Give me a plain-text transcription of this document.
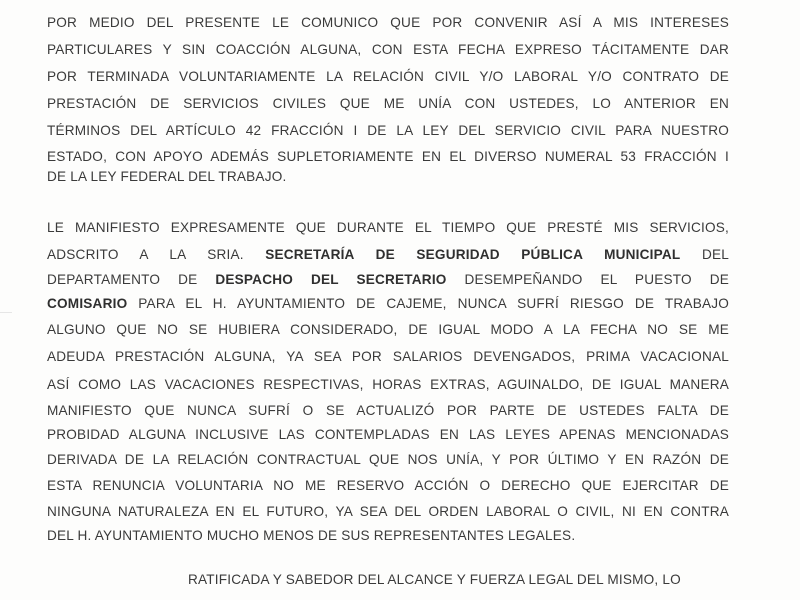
POR MEDIO DEL PRESENTE LE COMUNICO QUE POR CONVENIR ASÍ A MIS INTERESES
PARTICULARES Y SIN COACCIÓN ALGUNA, CON ESTA FECHA EXPRESO TÁCITAMENTE DAR
POR TERMINADA VOLUNTARIAMENTE LA RELACIÓN CIVIL Y/O LABORAL Y/O CONTRATO DE
PRESTACIÓN DE SERVICIOS CIVILES QUE ME UNÍA CON USTEDES, LO ANTERIOR EN
TÉRMINOS DEL ARTÍCULO 42 FRACCIÓN I DE LA LEY DEL SERVICIO CIVIL PARA NUESTRO
ESTADO, CON APOYO ADEMÁS SUPLETORIAMENTE EN EL DIVERSO NUMERAL 53 FRACCIÓN I
DE LA LEY FEDERAL DEL TRABAJO.
LE MANIFIESTO EXPRESAMENTE QUE DURANTE EL TIEMPO QUE PRESTÉ MIS SERVICIOS,
ADSCRITO A LA SRIA. SECRETARÍA DE SEGURIDAD PÚBLICA MUNICIPAL DEL
DEPARTAMENTO DE DESPACHO DEL SECRETARIO DESEMPEÑANDO EL PUESTO DE
COMISARIO PARA EL H. AYUNTAMIENTO DE CAJEME, NUNCA SUFRÍ RIESGO DE TRABAJO
ALGUNO QUE NO SE HUBIERA CONSIDERADO, DE IGUAL MODO A LA FECHA NO SE ME
ADEUDA PRESTACIÓN ALGUNA, YA SEA POR SALARIOS DEVENGADOS, PRIMA VACACIONAL
ASÍ COMO LAS VACACIONES RESPECTIVAS, HORAS EXTRAS, AGUINALDO, DE IGUAL MANERA
MANIFIESTO QUE NUNCA SUFRÍ O SE ACTUALIZÓ POR PARTE DE USTEDES FALTA DE
PROBIDAD ALGUNA INCLUSIVE LAS CONTEMPLADAS EN LAS LEYES APENAS MENCIONADAS
DERIVADA DE LA RELACIÓN CONTRACTUAL QUE NOS UNÍA, Y POR ÚLTIMO Y EN RAZÓN DE
ESTA RENUNCIA VOLUNTARIA NO ME RESERVO ACCIÓN O DERECHO QUE EJERCITAR DE
NINGUNA NATURALEZA EN EL FUTURO, YA SEA DEL ORDEN LABORAL O CIVIL, NI EN CONTRA
DEL H. AYUNTAMIENTO MUCHO MENOS DE SUS REPRESENTANTES LEGALES.
RATIFICADA Y SABEDOR DEL ALCANCE Y FUERZA LEGAL DEL MISMO, LO
